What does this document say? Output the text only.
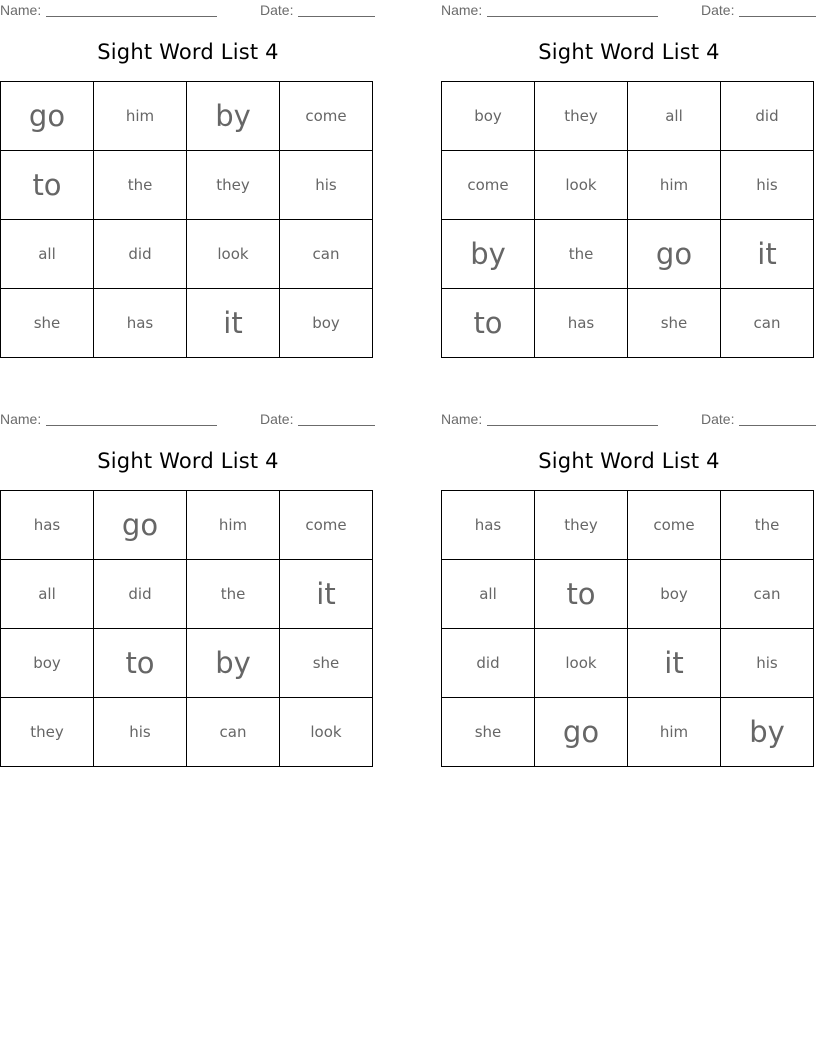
Name:	Date:
Sight Word List 4
go	him	by	come
to	the	they	his
all	did	look	can
she	has	it	boy
Name:	Date:
Sight Word List 4
boy	they	all	did
come	look	him	his
by	the	go	it
to	has	she	can
Name:	Date:
Sight Word List 4
has	go	him	come
all	did	the	it
boy	to	by	she
they	his	can	look
Name:	Date:
Sight Word List 4
has	they	come	the
all	to	boy	can
did	look	it	his
she	go	him	by
